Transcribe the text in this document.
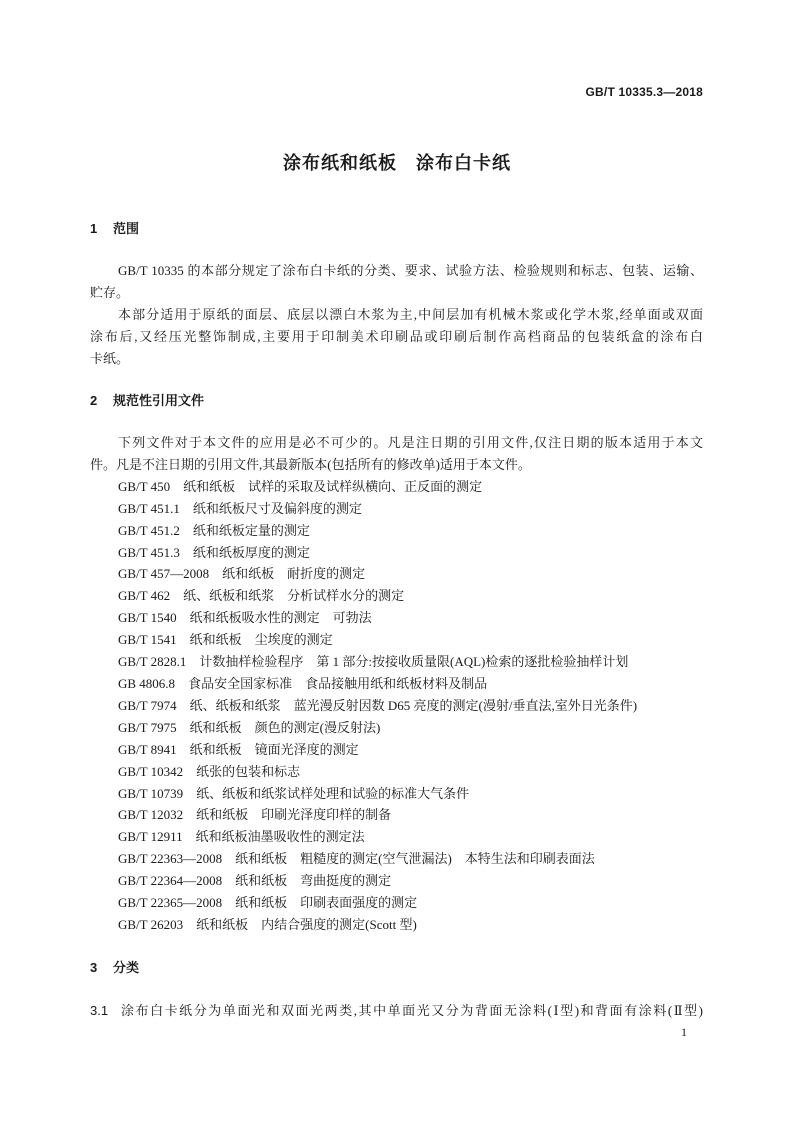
GB/T 10335.3—2018
涂布纸和纸板　涂布白卡纸
1	范围
GB/T 10335 的本部分规定了涂布白卡纸的分类、要求、试验方法、检验规则和标志、包装、运输、
贮存。
本部分适用于原纸的面层、底层以漂白木浆为主,中间层加有机械木浆或化学木浆,经单面或双面
涂布后,又经压光整饰制成,主要用于印制美术印刷品或印刷后制作高档商品的包装纸盒的涂布白
卡纸。
2	规范性引用文件
下列文件对于本文件的应用是必不可少的。凡是注日期的引用文件,仅注日期的版本适用于本文
件。凡是不注日期的引用文件,其最新版本(包括所有的修改单)适用于本文件。
GB/T 450 纸和纸板　试样的采取及试样纵横向、正反面的测定
GB/T 451.1 纸和纸板尺寸及偏斜度的测定
GB/T 451.2 纸和纸板定量的测定
GB/T 451.3 纸和纸板厚度的测定
GB/T 457—2008 纸和纸板　耐折度的测定
GB/T 462 纸、纸板和纸浆　分析试样水分的测定
GB/T 1540 纸和纸板吸水性的测定　可勃法
GB/T 1541 纸和纸板　尘埃度的测定
GB/T 2828.1 计数抽样检验程序　第 1 部分:按接收质量限(AQL)检索的逐批检验抽样计划
GB 4806.8 食品安全国家标准　食品接触用纸和纸板材料及制品
GB/T 7974 纸、纸板和纸浆　蓝光漫反射因数 D65 亮度的测定(漫射/垂直法,室外日光条件)
GB/T 7975 纸和纸板　颜色的测定(漫反射法)
GB/T 8941 纸和纸板　镜面光泽度的测定
GB/T 10342 纸张的包装和标志
GB/T 10739 纸、纸板和纸浆试样处理和试验的标准大气条件
GB/T 12032 纸和纸板　印刷光泽度印样的制备
GB/T 12911 纸和纸板油墨吸收性的测定法
GB/T 22363—2008 纸和纸板　粗糙度的测定(空气泄漏法)　本特生法和印刷表面法
GB/T 22364—2008 纸和纸板　弯曲挺度的测定
GB/T 22365—2008 纸和纸板　印刷表面强度的测定
GB/T 26203 纸和纸板　内结合强度的测定(Scott 型)
3	分类
3.1 涂布白卡纸分为单面光和双面光两类,其中单面光又分为背面无涂料(Ⅰ型)和背面有涂料(Ⅱ型)
1
